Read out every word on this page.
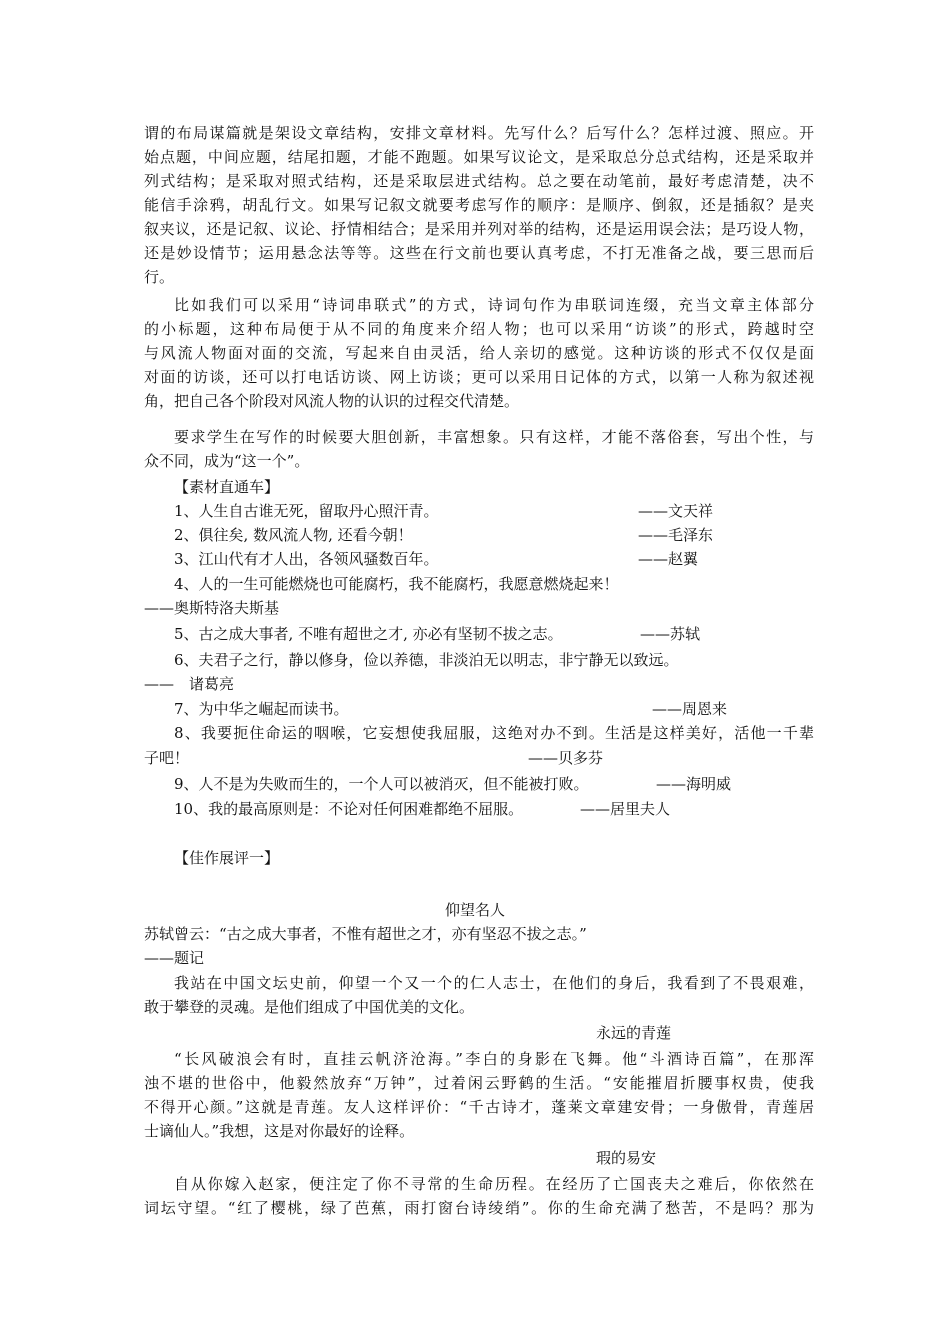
谓的布局谋篇就是架设文章结构，安排文章材料。先写什么？后写什么？怎样过渡、照应。开
始点题，中间应题，结尾扣题，才能不跑题。如果写议论文，是采取总分总式结构，还是采取并
列式结构；是采取对照式结构，还是采取层进式结构。总之要在动笔前，最好考虑清楚，决不
能信手涂鸦，胡乱行文。如果写记叙文就要考虑写作的顺序：是顺序、倒叙，还是插叙？是夹
叙夹议，还是记叙、议论、抒情相结合；是采用并列对举的结构，还是运用误会法；是巧设人物，
还是妙设情节；运用悬念法等等。这些在行文前也要认真考虑，不打无准备之战，要三思而后
行。
比如我们可以采用“诗词串联式”的方式，诗词句作为串联词连缀，充当文章主体部分
的小标题，这种布局便于从不同的角度来介绍人物；也可以采用“访谈”的形式，跨越时空
与风流人物面对面的交流，写起来自由灵活，给人亲切的感觉。这种访谈的形式不仅仅是面
对面的访谈，还可以打电话访谈、网上访谈；更可以采用日记体的方式，以第一人称为叙述视
角，把自己各个阶段对风流人物的认识的过程交代清楚。
要求学生在写作的时候要大胆创新，丰富想象。只有这样，才能不落俗套，写出个性，与
众不同，成为“这一个”。
【素材直通车】
1、人生自古谁无死，留取丹心照汗青。	——文天祥
2、俱往矣, 数风流人物, 还看今朝！	——毛泽东
3、江山代有才人出，各领风骚数百年。	——赵翼
4、人的一生可能燃烧也可能腐朽，我不能腐朽，我愿意燃烧起来！
——奥斯特洛夫斯基
5、古之成大事者, 不唯有超世之才, 亦必有坚韧不拔之志。	——苏轼
6、夫君子之行，静以修身，俭以养德，非淡泊无以明志，非宁静无以致远。
——　诸葛亮
7、为中华之崛起而读书。	——周恩来
8、我要扼住命运的咽喉，它妄想使我屈服，这绝对办不到。生活是这样美好，活他一千辈
子吧！	——贝多芬
9、人不是为失败而生的，一个人可以被消灭，但不能被打败。	——海明威
10、我的最高原则是：不论对任何困难都绝不屈服。	——居里夫人
【佳作展评一】
仰望名人
苏轼曾云：“古之成大事者，不惟有超世之才，亦有坚忍不拔之志。”
——题记
我站在中国文坛史前，仰望一个又一个的仁人志士，在他们的身后，我看到了不畏艰难，
敢于攀登的灵魂。是他们组成了中国优美的文化。
永远的青莲
“长风破浪会有时，直挂云帆济沧海。”李白的身影在飞舞。他“斗酒诗百篇”，在那浑
浊不堪的世俗中，他毅然放弃“万钟”，过着闲云野鹤的生活。“安能摧眉折腰事权贵，使我
不得开心颜。”这就是青莲。友人这样评价：“千古诗才，蓬莱文章建安骨；一身傲骨，青莲居
士谪仙人。”我想，这是对你最好的诠释。
瑕的易安
自从你嫁入赵家，便注定了你不寻常的生命历程。在经历了亡国丧夫之难后，你依然在
词坛守望。“红了樱桃，绿了芭蕉，雨打窗台诗绫绡”。你的生命充满了愁苦，不是吗？那为
